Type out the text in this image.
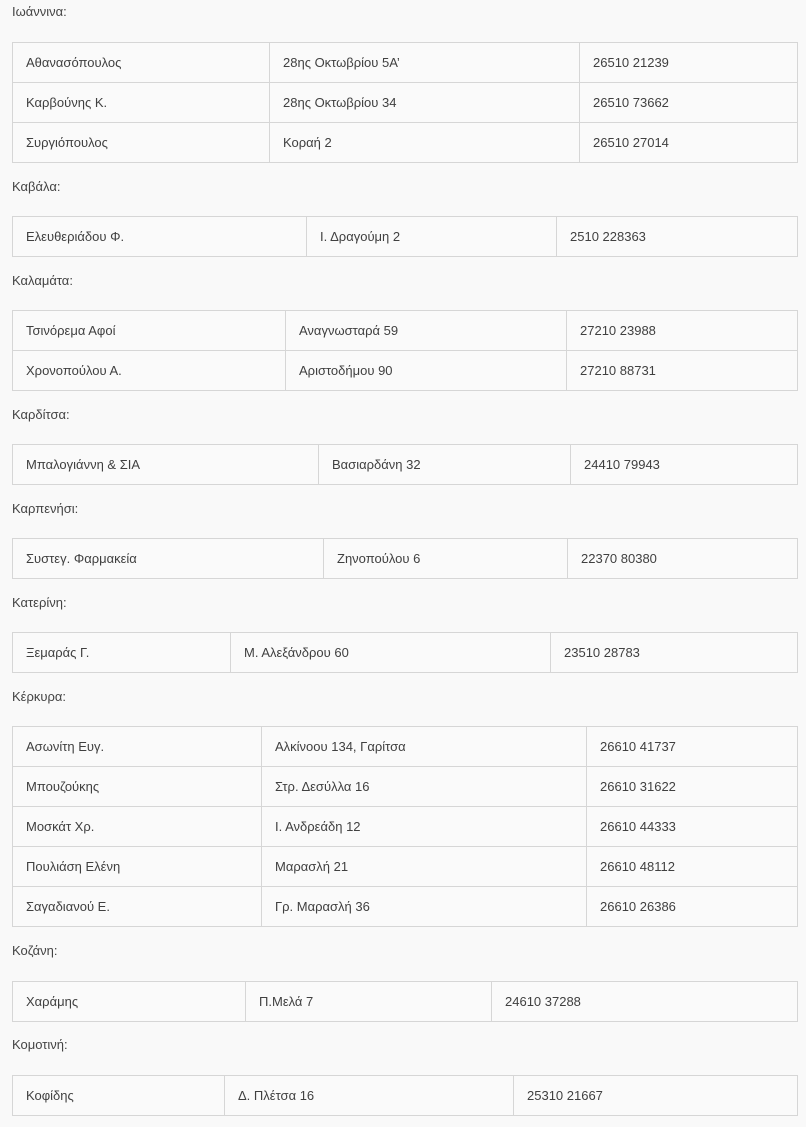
Ιωάννινα:
Αθανασόπουλος	28ης Οκτωβρίου 5Α’	26510 21239
Καρβούνης Κ.	28ης Οκτωβρίου 34	26510 73662
Συργιόπουλος	Κοραή 2	26510 27014
Καβάλα:
Ελευθεριάδου Φ.	Ι. Δραγούμη 2	2510 228363
Καλαμάτα:
Τσινόρεμα Αφοί	Αναγνωσταρά 59	27210 23988
Χρονοπούλου Α.	Αριστοδήμου 90	27210 88731
Καρδίτσα:
Μπαλογιάννη & ΣΙΑ	Βασιαρδάνη 32	24410 79943
Καρπενήσι:
Συστεγ. Φαρμακεία	Ζηνοπούλου 6	22370 80380
Κατερίνη:
Ξεμαράς Γ.	Μ. Αλεξάνδρου 60	23510 28783
Κέρκυρα:
Ασωνίτη Ευγ.	Αλκίνοου 134, Γαρίτσα	26610 41737
Μπουζούκης	Στρ. Δεσύλλα 16	26610 31622
Μοσκάτ Χρ.	Ι. Ανδρεάδη 12	26610 44333
Πουλιάση Ελένη	Μαρασλή 21	26610 48112
Σαγαδιανού Ε.	Γρ. Μαρασλή 36	26610 26386
Κοζάνη:
Χαράμης	Π.Μελά 7	24610 37288
Κομοτινή:
Κοφίδης	Δ. Πλέτσα 16	25310 21667
